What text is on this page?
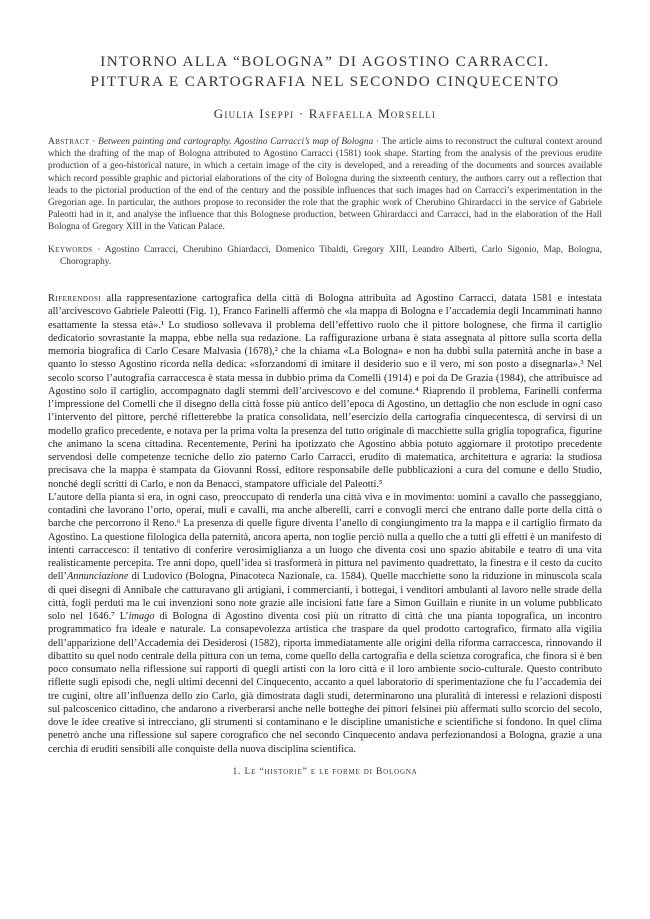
INTORNO ALLA “BOLOGNA” DI AGOSTINO CARRACCI.
PITTURA E CARTOGRAFIA NEL SECONDO CINQUECENTO
Giulia Iseppi · Raffaella Morselli
Abstract · Between painting and cartography. Agostino Carracci’s map of Bologna · The article aims to reconstruct the cultural context around which the drafting of the map of Bologna attributed to Agostino Carracci (1581) took shape. Starting from the analysis of the previous erudite production of a geo-historical nature, in which a certain image of the city is developed, and a rereading of the documents and sources available which record possible graphic and pictorial elaborations of the city of Bologna during the sixteenth century, the authors carry out a reflection that leads to the pictorial production of the end of the century and the possible influences that such images had on Carracci’s experimentation in the Gregorian age. In particular, the authors propose to reconsider the role that the graphic work of Cherubino Ghirardacci in the service of Gabriele Paleotti had in it, and analyse the influence that this Bolognese production, between Ghirardacci and Carracci, had in the elaboration of the Hall Bologna of Gregory XIII in the Vatican Palace.
Keywords · Agostino Carracci, Cherubino Ghiardacci, Domenico Tibaldi, Gregory XIII, Leandro Alberti, Carlo Sigonio, Map, Bologna, Chorography.

Riferendosi alla rappresentazione cartografica della città di Bologna attribuita ad Agostino Carracci, datata 1581 e intestata all’arcivescovo Gabriele Paleotti (Fig. 1), Franco Farinelli affermò che «la mappa di Bologna e l’accademia degli Incamminati hanno esattamente la stessa età».¹ Lo studioso sollevava il problema dell’effettivo ruolo che il pittore bolognese, che firma il cartiglio dedicatorio sovrastante la mappa, ebbe nella sua redazione. La raffigurazione urbana è stata assegnata al pittore sulla scorta della memoria biografica di Carlo Cesare Malvasia (1678),² che la chiama «La Bologna» e non ha dubbi sulla paternità anche in base a quanto lo stesso Agostino ricorda nella dedica: «sforzandomi di imitare il desiderio suo e il vero, mi son posto a disegnarla».³ Nel secolo scorso l’autografia carraccesca è stata messa in dubbio prima da Comelli (1914) e poi da De Grazia (1984), che attribuisce ad Agostino solo il cartiglio, accompagnato dagli stemmi dell’arcivescovo e del comune.⁴ Riaprendo il problema, Farinelli conferma l’impressione del Comelli che il disegno della città fosse più antico dell’epoca di Agostino, un dettaglio che non esclude in ogni caso l’intervento del pittore, perché rifletterebbe la pratica consolidata, nell’esercizio della cartografia cinquecentesca, di servirsi di un modello grafico precedente, e notava per la prima volta la presenza del tutto originale di macchiette sulla griglia topografica, figurine che animano la scena cittadina. Recentemente, Perini ha ipotizzato che Agostino abbia potuto aggiornare il prototipo precedente servendosi delle competenze tecniche dello zio paterno Carlo Carracci, erudito di matematica, architettura e agraria: la studiosa precisava che la mappa è stampata da Giovanni Rossi, editore responsabile delle pubblicazioni a cura del comune e dello Studio, nonché degli scritti di Carlo, e non da Benacci, stampatore ufficiale del Paleotti.⁵

L’autore della pianta si era, in ogni caso, preoccupato di renderla una città viva e in movimento: uomini a cavallo che passeggiano, contadini che lavorano l’orto, operai, muli e cavalli, ma anche alberelli, carri e convogli merci che entrano dalle porte della città o barche che percorrono il Reno.⁶ La presenza di quelle figure diventa l’anello di congiungimento tra la mappa e il cartiglio firmato da Agostino. La questione filologica della paternità, ancora aperta, non toglie perciò nulla a quello che a tutti gli effetti è un manifesto di intenti carraccesco: il tentativo di conferire verosimiglianza a un luogo che diventa così uno spazio abitabile e teatro di una vita realisticamente percepita. Tre anni dopo, quell’idea si trasformerà in pittura nel pavimento quadrettato, la finestra e il cesto da cucito dell’Annunciazione di Ludovico (Bologna, Pinacoteca Nazionale, ca. 1584). Quelle macchiette sono la riduzione in minuscola scala di quei disegni di Annibale che catturavano gli artigiani, i commercianti, i bottegai, i venditori ambulanti al lavoro nelle strade della città, fogli perduti ma le cui invenzioni sono note grazie alle incisioni fatte fare a Simon Guillain e riunite in un volume pubblicato solo nel 1646.⁷ L’imago di Bologna di Agostino diventa così più un ritratto di città che una pianta topografica, un incontro programmatico fra ideale e naturale. La consapevolezza artistica che traspare da quel prodotto cartografico, firmato alla vigilia dell’apparizione dell’Accademia dei Desiderosi (1582), riporta immediatamente alle origini della riforma carraccesca, rinnovando il dibattito su quel nodo centrale della pittura con un tema, come quello della cartografia e della scienza corografica, che finora si è ben poco consumato nella riflessione sui rapporti di quegli artisti con la loro città e il loro ambiente socio-culturale. Questo contributo riflette sugli episodi che, negli ultimi decenni del Cinquecento, accanto a quel laboratorio di sperimentazione che fu l’accademia dei tre cugini, oltre all’influenza dello zio Carlo, già dimostrata dagli studi, determinarono una pluralità di interessi e relazioni disposti sul palcoscenico cittadino, che andarono a riverberarsi anche nelle botteghe dei pittori felsinei più affermati sullo scorcio del secolo, dove le idee creative si intrecciano, gli strumenti si contaminano e le discipline umanistiche e scientifiche si fondono. In quel clima penetrò anche una riflessione sul sapere corografico che nel secondo Cinquecento andava perfezionandosi a Bologna, grazie a una cerchia di eruditi sensibili alle conquiste della nuova disciplina scientifica.

1. Le “historie” e le forme di Bologna
